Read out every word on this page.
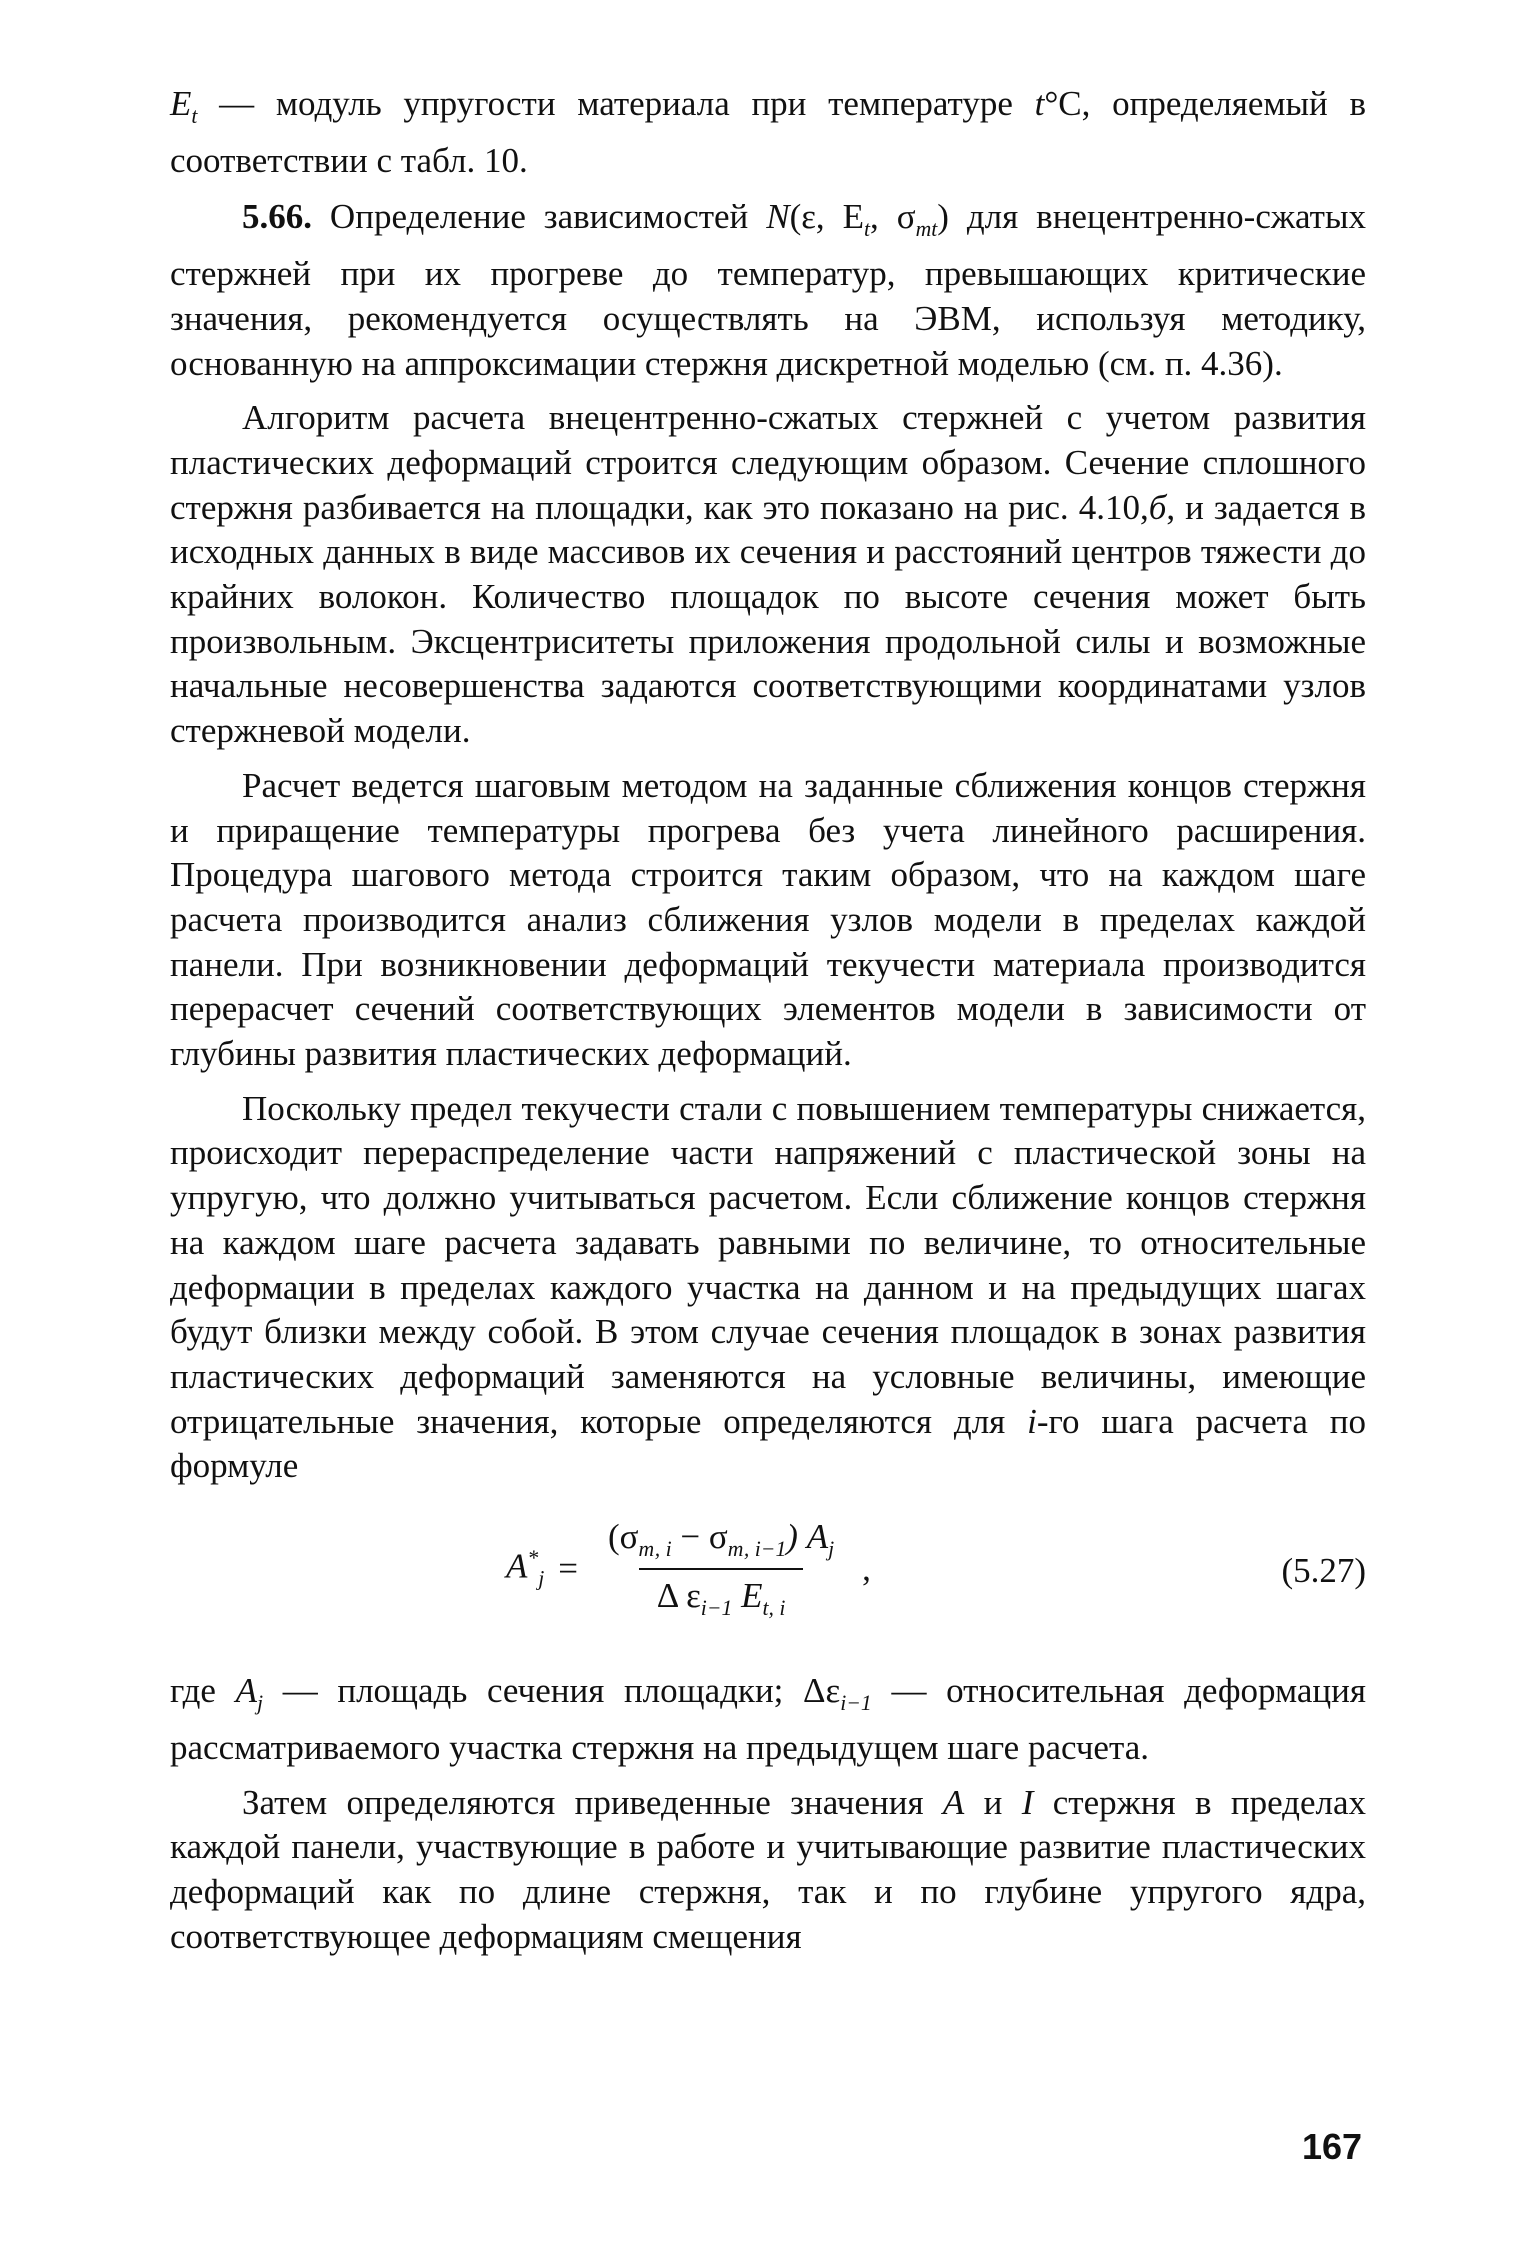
$E_t$ — модуль упругости материала при температуре t°С, определяемый в соответствии с табл. 10.

5.66. Определение зависимостей N(ε, $E_t$, $\sigma_{тt}$) для внецентренно-сжатых стержней при их прогреве до температур, превышающих критические значения, рекомендуется осуществлять на ЭВМ, используя методику, основанную на аппроксимации стержня дискретной моделью (см. п. 4.36).

Алгоритм расчета внецентренно-сжатых стержней с учетом развития пластических деформаций строится следующим образом. Сечение сплошного стержня разбивается на площадки, как это показано на рис. 4.10,б, и задается в исходных данных в виде массивов их сечения и расстояний центров тяжести до крайних волокон. Количество площадок по высоте сечения может быть произвольным. Эксцентриситеты приложения продольной силы и возможные начальные несовершенства задаются соответствующими координатами узлов стержневой модели.

Расчет ведется шаговым методом на заданные сближения концов стержня и приращение температуры прогрева без учета линейного расширения. Процедура шагового метода строится таким образом, что на каждом шаге расчета производится анализ сближения узлов модели в пределах каждой панели. При возникновении деформаций текучести материала производится перерасчет сечений соответствующих элементов модели в зависимости от глубины развития пластических деформаций.

Поскольку предел текучести стали с повышением температуры снижается, происходит перераспределение части напряжений с пластической зоны на упругую, что должно учитываться расчетом. Если сближение концов стержня на каждом шаге расчета задавать равными по величине, то относительные деформации в пределах каждого участка на данном и на предыдущих шагах будут близки между собой. В этом случае сечения площадок в зонах развития пластических деформаций заменяются на условные величины, имеющие отрицательные значения, которые определяются для i-го шага расчета по формуле

$A^*_j = \frac{(\sigma_{т, i} - \sigma_{т, i-1}) A_j}{\Delta \varepsilon_{i-1} E_{t, i}}$ ,	(5.27)

где $A_j$ — площадь сечения площадки; $\Delta\varepsilon_{i-1}$ — относительная деформация рассматриваемого участка стержня на предыдущем шаге расчета.

Затем определяются приведенные значения A и I стержня в пределах каждой панели, участвующие в работе и учитывающие развитие пластических деформаций как по длине стержня, так и по глубине упругого ядра, соответствующее деформациям смещения

167
